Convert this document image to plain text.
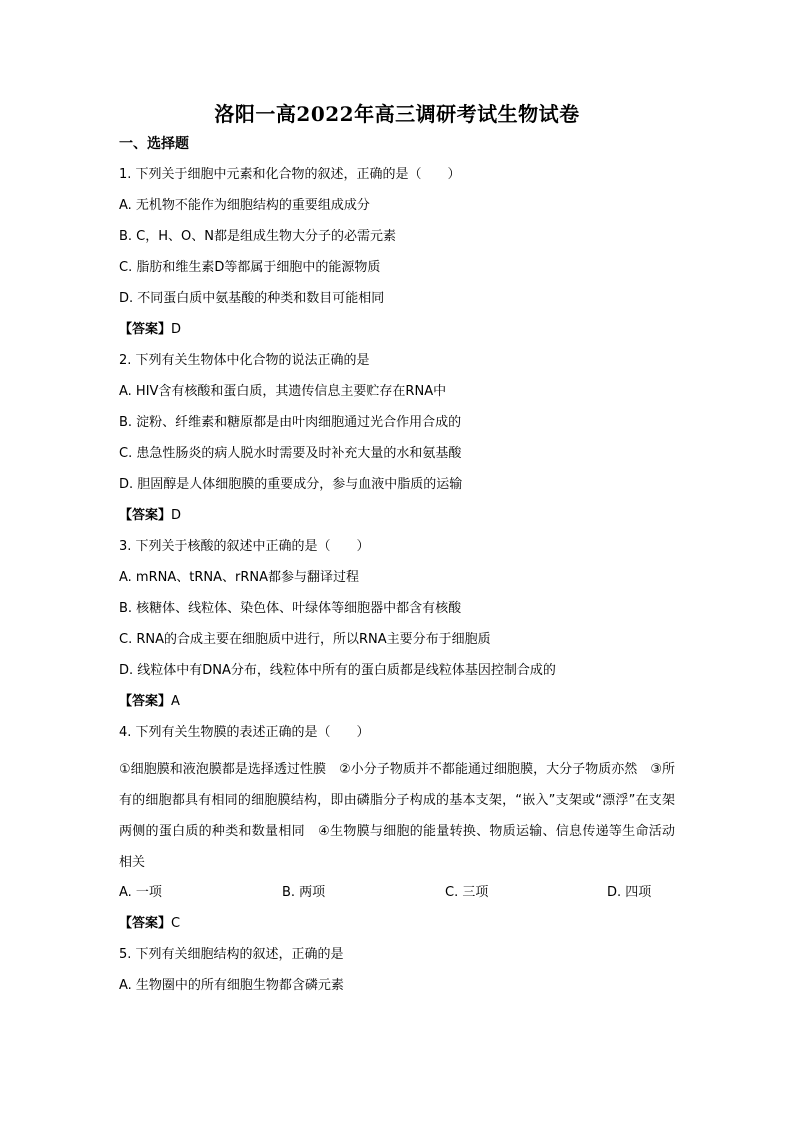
洛阳一高2022年高三调研考试生物试卷
一、选择题
1. 下列关于细胞中元素和化合物的叙述，正确的是（　　）
A. 无机物不能作为细胞结构的重要组成成分
B. C，H、O、N都是组成生物大分子的必需元素
C. 脂肪和维生素D等都属于细胞中的能源物质
D. 不同蛋白质中氨基酸的种类和数目可能相同
【答案】D
2. 下列有关生物体中化合物的说法正确的是
A. HIV含有核酸和蛋白质，其遗传信息主要贮存在RNA中
B. 淀粉、纤维素和糖原都是由叶肉细胞通过光合作用合成的
C. 患急性肠炎的病人脱水时需要及时补充大量的水和氨基酸
D. 胆固醇是人体细胞膜的重要成分，参与血液中脂质的运输
【答案】D
3. 下列关于核酸的叙述中正确的是（　　）
A. mRNA、tRNA、rRNA都参与翻译过程
B. 核糖体、线粒体、染色体、叶绿体等细胞器中都含有核酸
C. RNA的合成主要在细胞质中进行，所以RNA主要分布于细胞质
D. 线粒体中有DNA分布，线粒体中所有的蛋白质都是线粒体基因控制合成的
【答案】A
4. 下列有关生物膜的表述正确的是（　　）
①细胞膜和液泡膜都是选择透过性膜　②小分子物质并不都能通过细胞膜，大分子物质亦然　③所有的细胞都具有相同的细胞膜结构，即由磷脂分子构成的基本支架，“嵌入”支架或“漂浮”在支架两侧的蛋白质的种类和数量相同　④生物膜与细胞的能量转换、物质运输、信息传递等生命活动相关
A. 一项	B. 两项	C. 三项	D. 四项
【答案】C
5. 下列有关细胞结构的叙述，正确的是
A. 生物圈中的所有细胞生物都含磷元素
